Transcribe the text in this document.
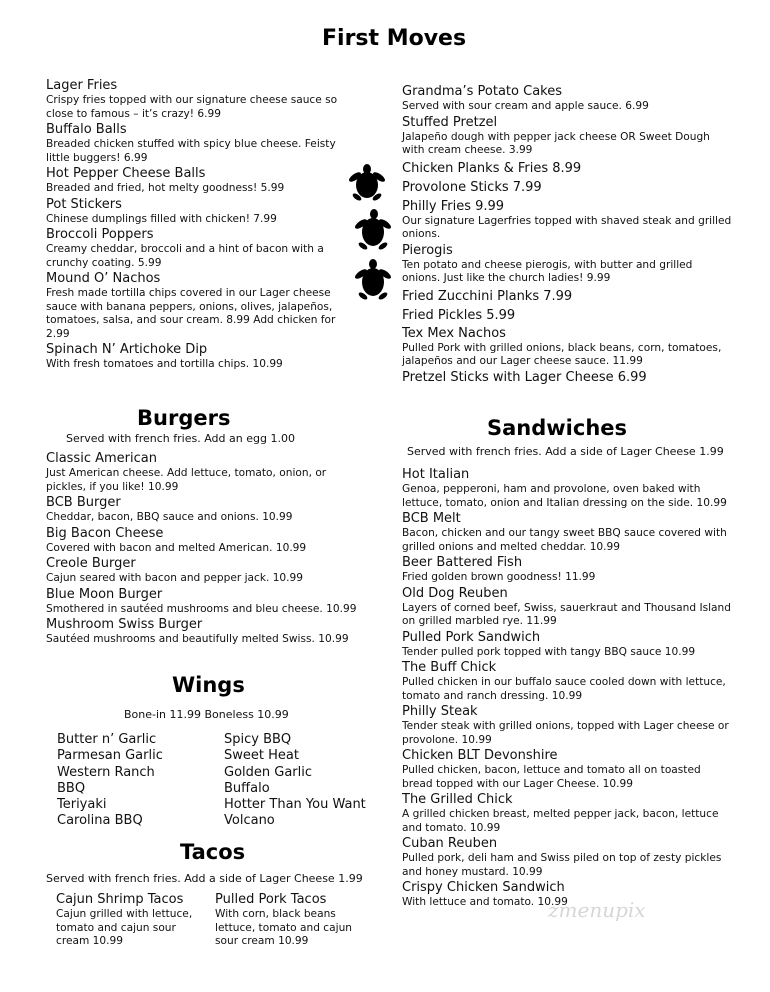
First Moves
Lager Fries
Crispy fries topped with our signature cheese sauce so close to famous – it’s crazy! 6.99
Buffalo Balls
Breaded chicken stuffed with spicy blue cheese. Feisty little buggers! 6.99
Hot Pepper Cheese Balls
Breaded and fried, hot melty goodness! 5.99
Pot Stickers
Chinese dumplings filled with chicken! 7.99
Broccoli Poppers
Creamy cheddar, broccoli and a hint of bacon with a crunchy coating. 5.99
Mound O’ Nachos
Fresh made tortilla chips covered in our Lager cheese sauce with banana peppers, onions, olives, jalapeños, tomatoes, salsa, and sour cream. 8.99 Add chicken for 2.99
Spinach N’ Artichoke Dip
With fresh tomatoes and tortilla chips. 10.99
Grandma’s Potato Cakes
Served with sour cream and apple sauce. 6.99
Stuffed Pretzel
Jalapeño dough with pepper jack cheese OR Sweet Dough with cream cheese. 3.99
Chicken Planks & Fries 8.99
Provolone Sticks 7.99
Philly Fries 9.99
Our signature Lagerfries topped with shaved steak and grilled onions.
Pierogis
Ten potato and cheese pierogis, with butter and grilled onions. Just like the church ladies! 9.99
Fried Zucchini Planks 7.99
Fried Pickles 5.99
Tex Mex Nachos
Pulled Pork with grilled onions, black beans, corn, tomatoes, jalapeños and our Lager cheese sauce. 11.99
Pretzel Sticks with Lager Cheese 6.99
Burgers
Served with french fries. Add an egg 1.00
Classic American
Just American cheese. Add lettuce, tomato, onion, or pickles, if you like! 10.99
BCB Burger
Cheddar, bacon, BBQ sauce and onions. 10.99
Big Bacon Cheese
Covered with bacon and melted American. 10.99
Creole Burger
Cajun seared with bacon and pepper jack. 10.99
Blue Moon Burger
Smothered in sautéed mushrooms and bleu cheese. 10.99
Mushroom Swiss Burger
Sautéed mushrooms and beautifully melted Swiss. 10.99
Wings
Bone-in 11.99 Boneless 10.99
Butter n’ Garlic
Parmesan Garlic
Western Ranch
BBQ
Teriyaki
Carolina BBQ
Spicy BBQ
Sweet Heat
Golden Garlic
Buffalo
Hotter Than You Want
Volcano
Tacos
Served with french fries. Add a side of Lager Cheese 1.99
Cajun Shrimp Tacos
Cajun grilled with lettuce, tomato and cajun sour cream 10.99
Pulled Pork Tacos
With corn, black beans lettuce, tomato and cajun sour cream 10.99
Sandwiches
Served with french fries. Add a side of Lager Cheese 1.99
Hot Italian
Genoa, pepperoni, ham and provolone, oven baked with lettuce, tomato, onion and Italian dressing on the side. 10.99
BCB Melt
Bacon, chicken and our tangy sweet BBQ sauce covered with grilled onions and melted cheddar. 10.99
Beer Battered Fish
Fried golden brown goodness! 11.99
Old Dog Reuben
Layers of corned beef, Swiss, sauerkraut and Thousand Island on grilled marbled rye. 11.99
Pulled Pork Sandwich
Tender pulled pork topped with tangy BBQ sauce 10.99
The Buff Chick
Pulled chicken in our buffalo sauce cooled down with lettuce, tomato and ranch dressing. 10.99
Philly Steak
Tender steak with grilled onions, topped with Lager cheese or provolone. 10.99
Chicken BLT Devonshire
Pulled chicken, bacon, lettuce and tomato all on toasted bread topped with our Lager Cheese. 10.99
The Grilled Chick
A grilled chicken breast, melted pepper jack, bacon, lettuce and tomato. 10.99
Cuban Reuben
Pulled pork, deli ham and Swiss piled on top of zesty pickles and honey mustard. 10.99
Crispy Chicken Sandwich
With lettuce and tomato. 10.99
zmenupix
